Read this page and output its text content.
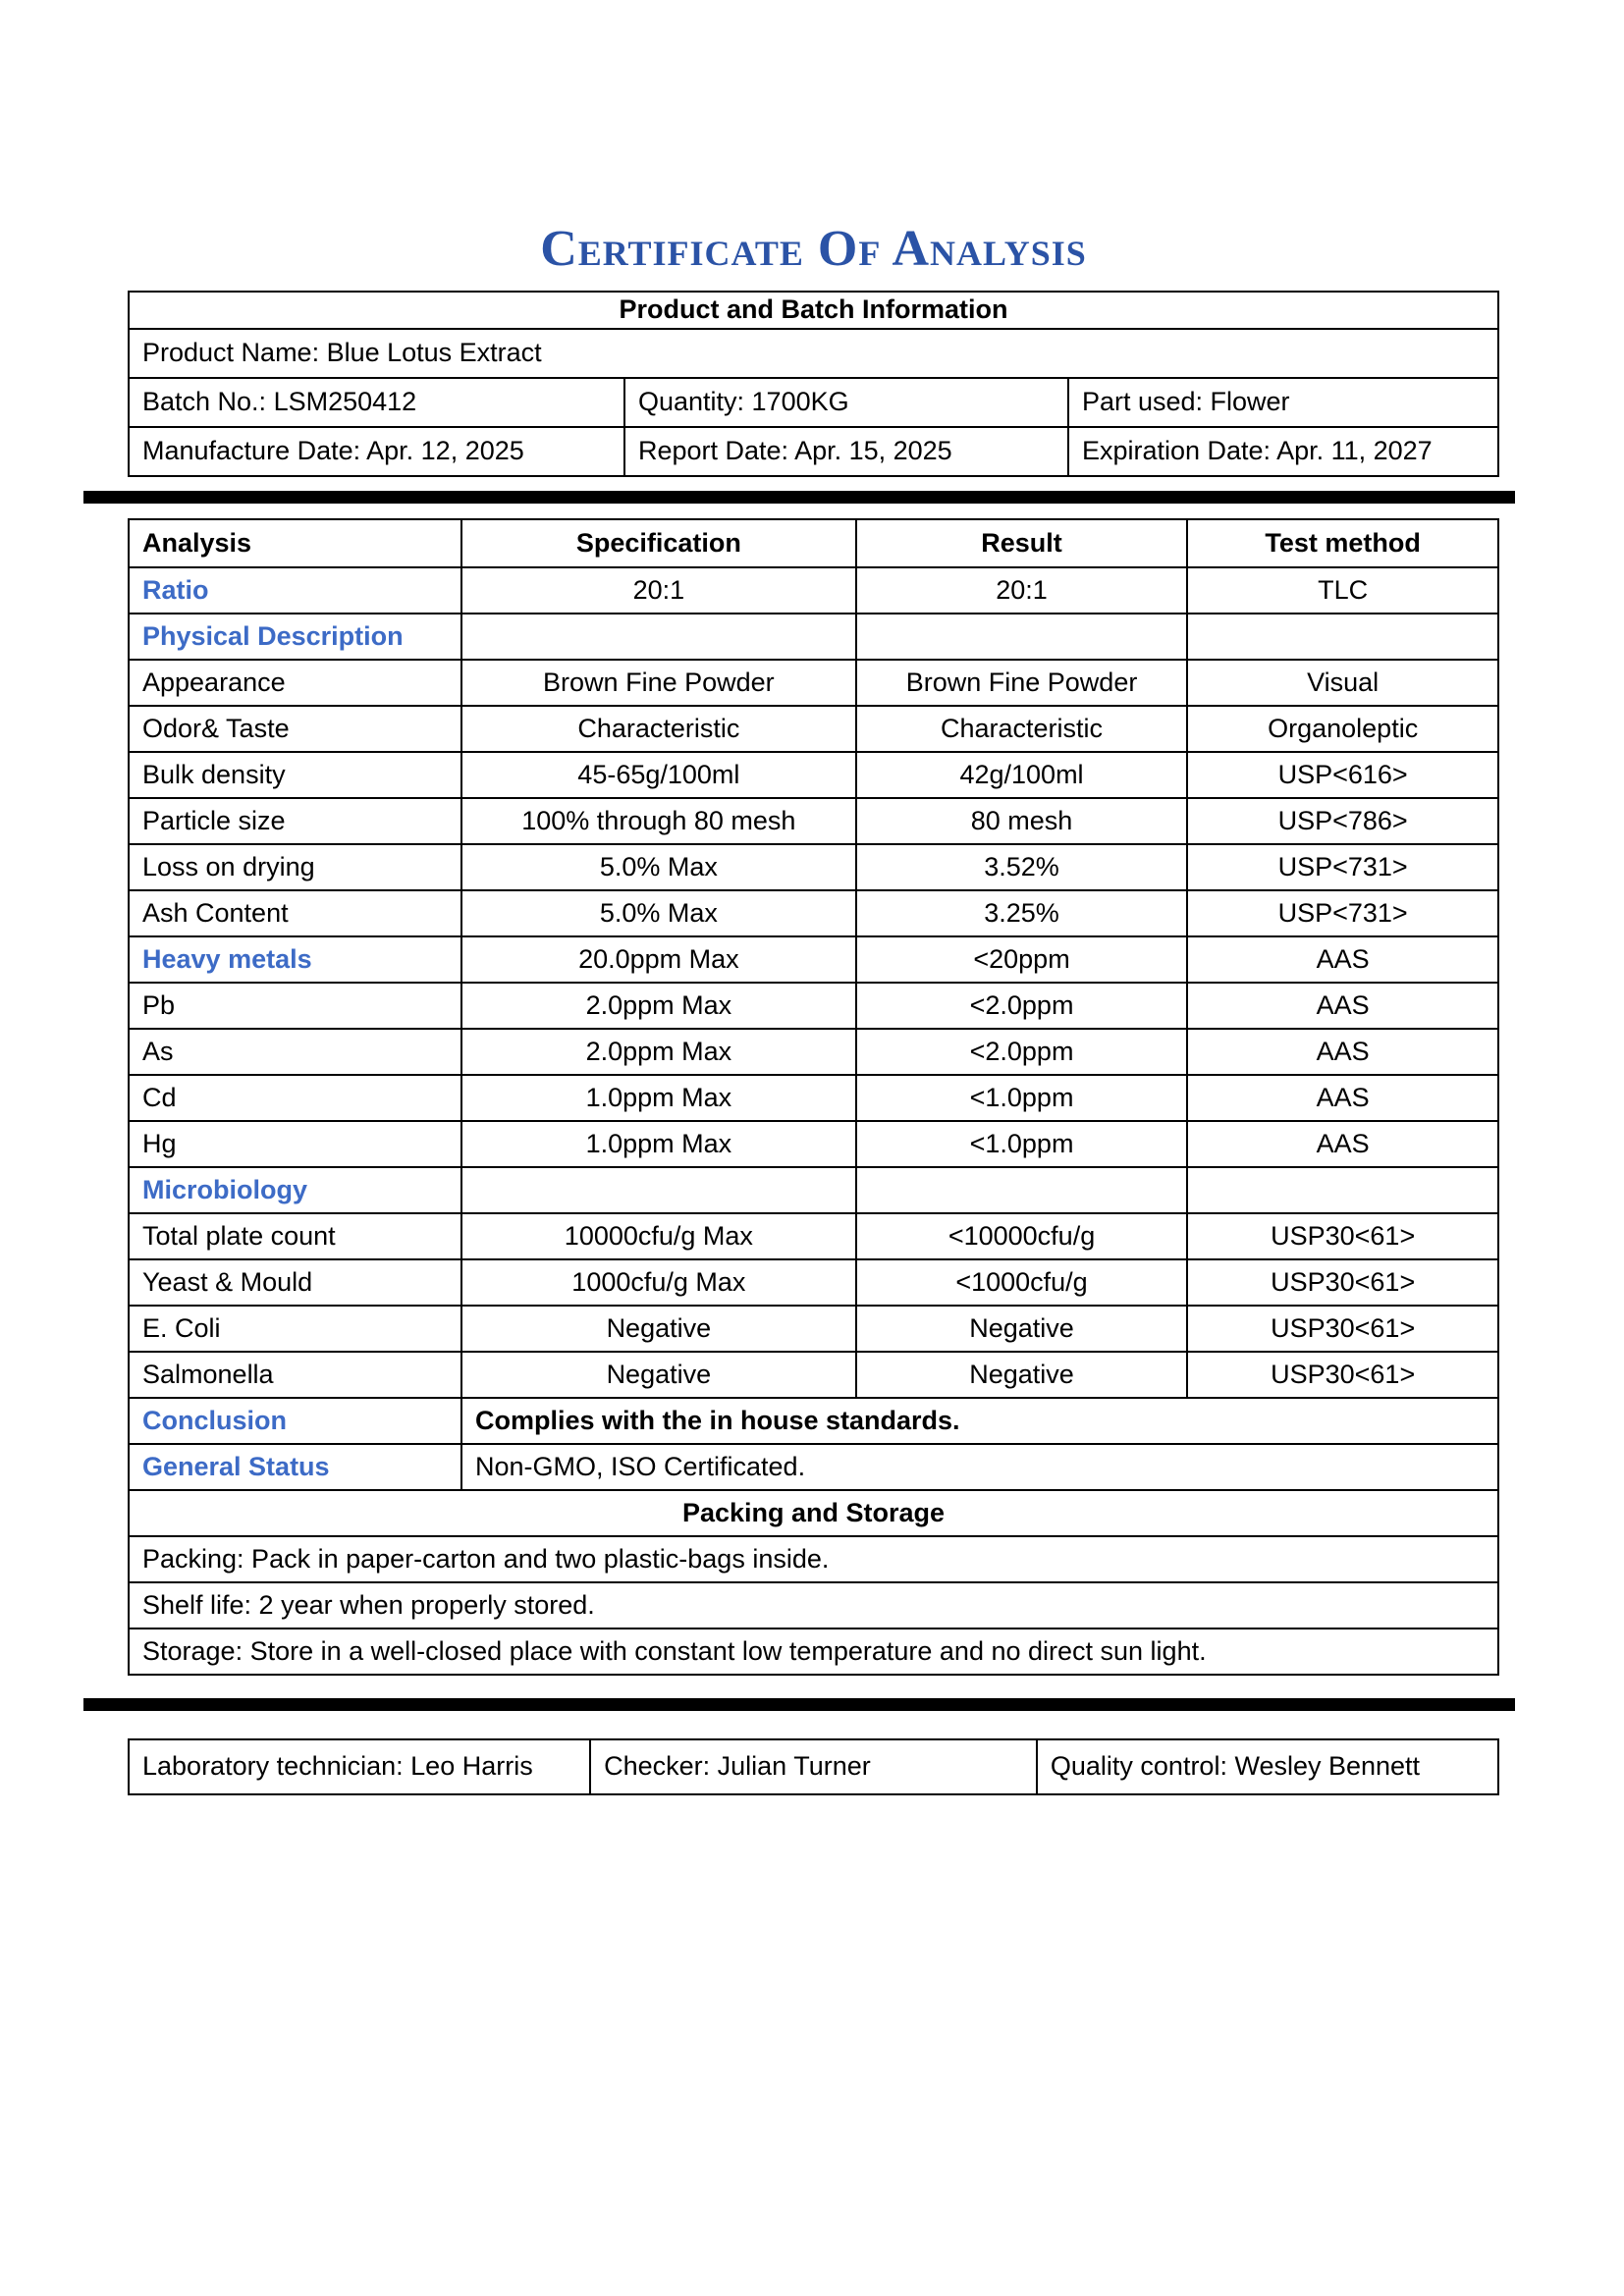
Certificate Of Analysis
Product and Batch Information		
Product Name: Blue Lotus Extract		
Batch No.: LSM250412	Quantity: 1700KG	Part used: Flower
Manufacture Date: Apr. 12, 2025	Report Date: Apr. 15, 2025	Expiration Date: Apr. 11, 2027
Analysis	Specification	Result	Test method
Ratio	20:1	20:1	TLC
Physical Description			
Appearance	Brown Fine Powder	Brown Fine Powder	Visual
Odor& Taste	Characteristic	Characteristic	Organoleptic
Bulk density	45-65g/100ml	42g/100ml	USP<616>
Particle size	100% through 80 mesh	80 mesh	USP<786>
Loss on drying	5.0% Max	3.52%	USP<731>
Ash Content	5.0% Max	3.25%	USP<731>
Heavy metals	20.0ppm Max	<20ppm	AAS
Pb	2.0ppm Max	<2.0ppm	AAS
As	2.0ppm Max	<2.0ppm	AAS
Cd	1.0ppm Max	<1.0ppm	AAS
Hg	1.0ppm Max	<1.0ppm	AAS
Microbiology			
Total plate count	10000cfu/g Max	<10000cfu/g	USP30<61>
Yeast & Mould	1000cfu/g Max	<1000cfu/g	USP30<61>
E. Coli	Negative	Negative	USP30<61>
Salmonella	Negative	Negative	USP30<61>
Conclusion	Complies with the in house standards.		
General Status	Non-GMO, ISO Certificated.		
Packing and Storage			
Packing: Pack in paper-carton and two plastic-bags inside.			
Shelf life: 2 year when properly stored.			
Storage: Store in a well-closed place with constant low temperature and no direct sun light.			
Laboratory technician: Leo Harris	Checker: Julian Turner	Quality control: Wesley Bennett
